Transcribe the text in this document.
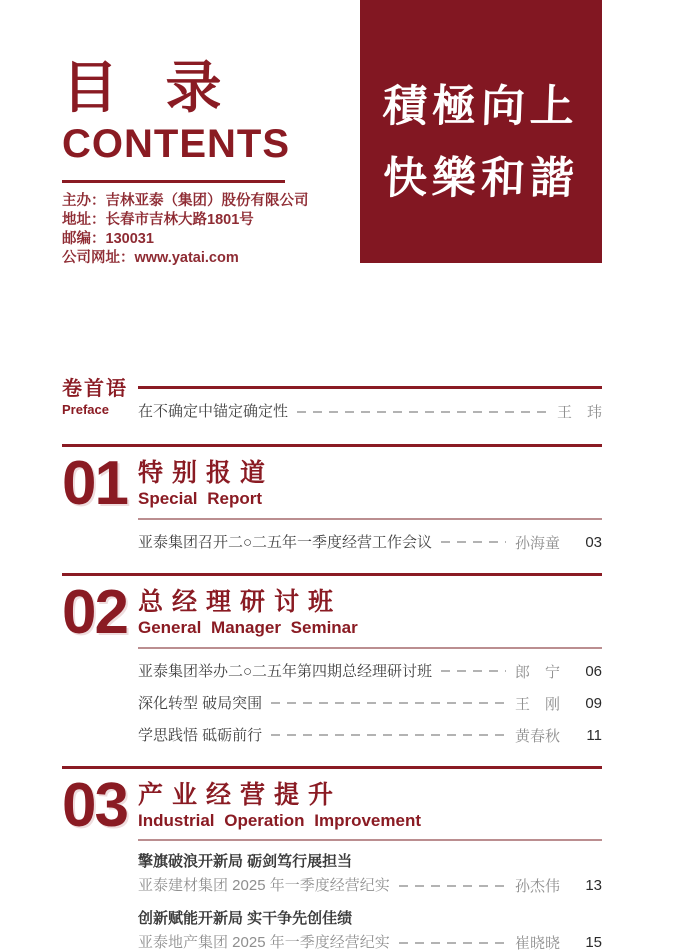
目 录
CONTENTS
主办：吉林亚泰（集团）股份有限公司
地址：长春市吉林大路1801号
邮编：130031
公司网址：www.yatai.com
積極向上
快樂和諧
卷首语
Preface	在不确定中锚定确定性	王　玮
01 特别报道
Special Report
亚泰集团召开二○二五年一季度经营工作会议	孙海童	03
02 总经理研讨班
General Manager Seminar
亚泰集团举办二○二五年第四期总经理研讨班	郎　宁	06
深化转型 破局突围	王　刚	09
学思践悟 砥砺前行	黄春秋	11
03 产业经营提升
Industrial Operation Improvement
擎旗破浪开新局 砺剑笃行展担当
亚泰建材集团 2025 年一季度经营纪实	孙杰伟	13
创新赋能开新局 实干争先创佳绩
亚泰地产集团 2025 年一季度经营纪实	崔晓晓	15
